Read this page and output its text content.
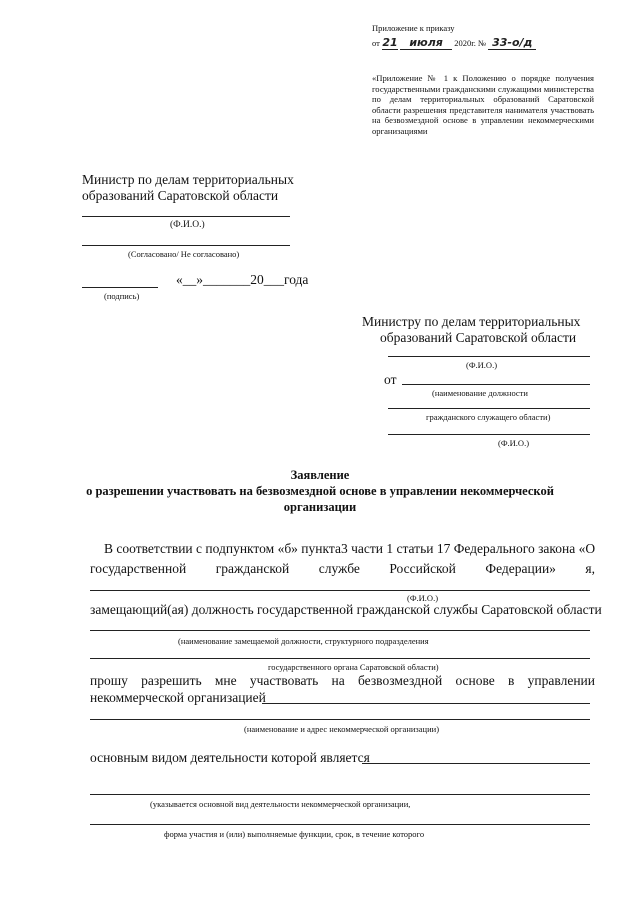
Приложение к приказу
от 21 июля 2020г. № 33-о/д
«Приложение № 1 к Положению о порядке получения государственными гражданскими служащими министерства по делам территориальных образований Саратовской области разрешения представителя нанимателя участвовать на безвозмездной основе в управлении некоммерческими организациями
Министр по делам территориальных
образований Саратовской области
(Ф.И.О.)
(Согласовано/ Не согласовано)
«__»_______20___года
(подпись)
Министру по делам территориальных
образований Саратовской области
(Ф.И.О.)
от
(наименование должности
гражданского служащего области)
(Ф.И.О.)
Заявление
о разрешении участвовать на безвозмездной основе в управлении некоммерческой
организации
В соответствии с подпунктом «б» пункта3 части 1 статьи 17 Федерального закона «О
государственной гражданской службе Российской Федерации» я,
(Ф.И.О.)
замещающий(ая) должность государственной гражданской службы Саратовской области
(наименование замещаемой должности, структурного подразделения
государственного органа Саратовской области)
прошу разрешить мне участвовать на безвозмездной основе в управлении
некоммерческой организацией
(наименование и адрес некоммерческой организации)
основным видом деятельности которой является
(указывается основной вид деятельности некоммерческой организации,
форма участия и (или) выполняемые функции, срок, в течение которого
